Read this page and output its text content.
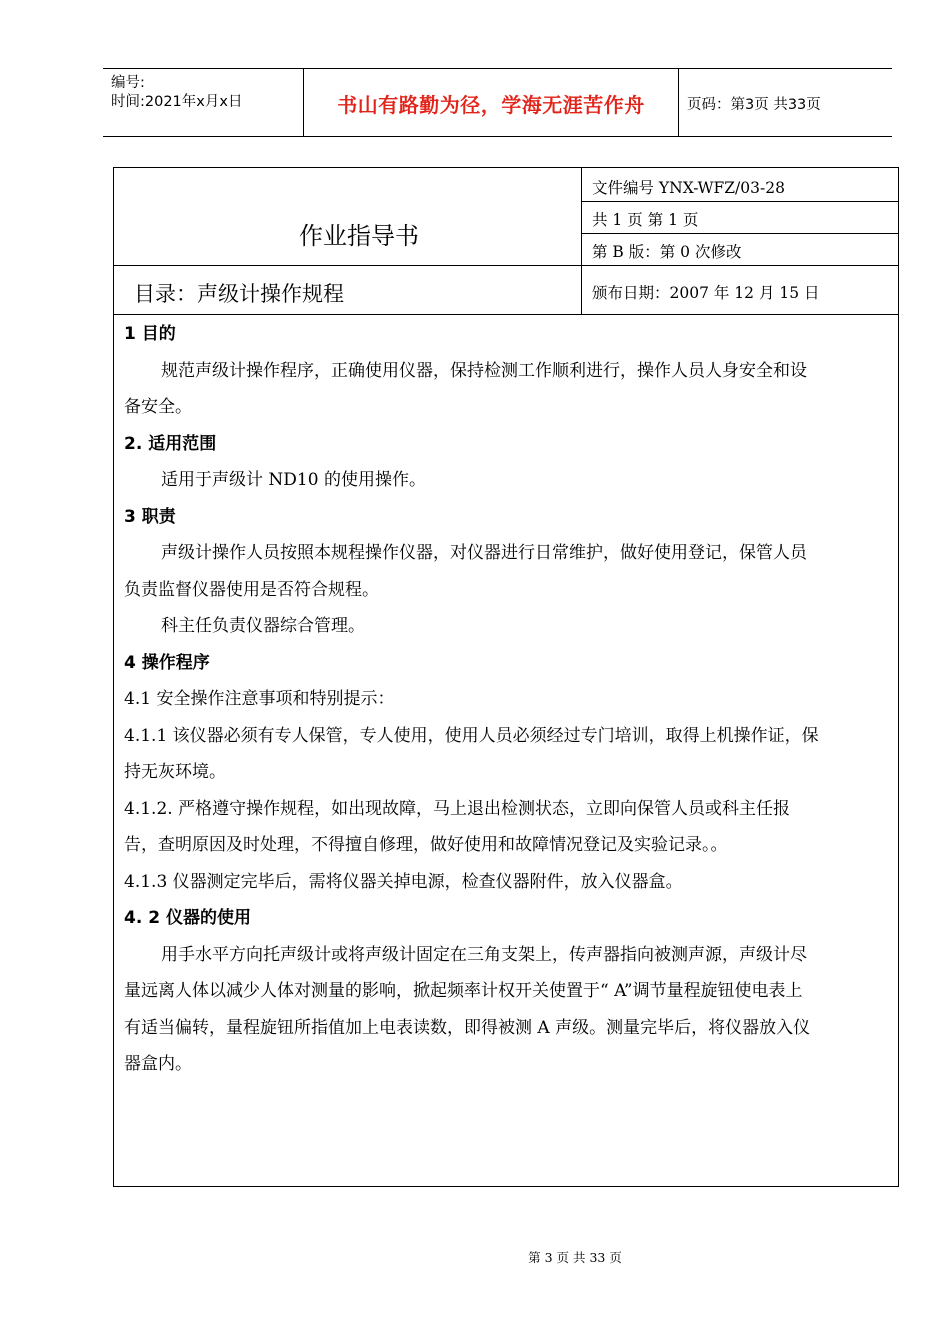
编号:
时间:2021年x月x日	书山有路勤为径，学海无涯苦作舟	页码：第3页 共33页
作业指导书
文件编号 YNX-WFZ/03-28
共 1 页 第 1 页
第 B 版：第 0 次修改
目录：声级计操作规程	颁布日期：2007 年 12 月 15 日

1 目的

规范声级计操作程序，正确使用仪器，保持检测工作顺利进行，操作人员人身安全和设

备安全。

2. 适用范围

适用于声级计 ND10 的使用操作。

3 职责

声级计操作人员按照本规程操作仪器，对仪器进行日常维护，做好使用登记，保管人员

负责监督仪器使用是否符合规程。

科主任负责仪器综合管理。

4 操作程序

4.1 安全操作注意事项和特别提示：

4.1.1 该仪器必须有专人保管，专人使用，使用人员必须经过专门培训，取得上机操作证，保

持无灰环境。

4.1.2. 严格遵守操作规程，如出现故障，马上退出检测状态，立即向保管人员或科主任报

告，查明原因及时处理，不得擅自修理，做好使用和故障情况登记及实验记录。。

4.1.3 仪器测定完毕后，需将仪器关掉电源，检查仪器附件，放入仪器盒。

4. 2 仪器的使用

用手水平方向托声级计或将声级计固定在三角支架上，传声器指向被测声源，声级计尽

量远离人体以减少人体对测量的影响，掀起频率计权开关使置于“ A”调节量程旋钮使电表上

有适当偏转，量程旋钮所指值加上电表读数，即得被测 A 声级。测量完毕后，将仪器放入仪

器盒内。

第 3 页 共 33 页
